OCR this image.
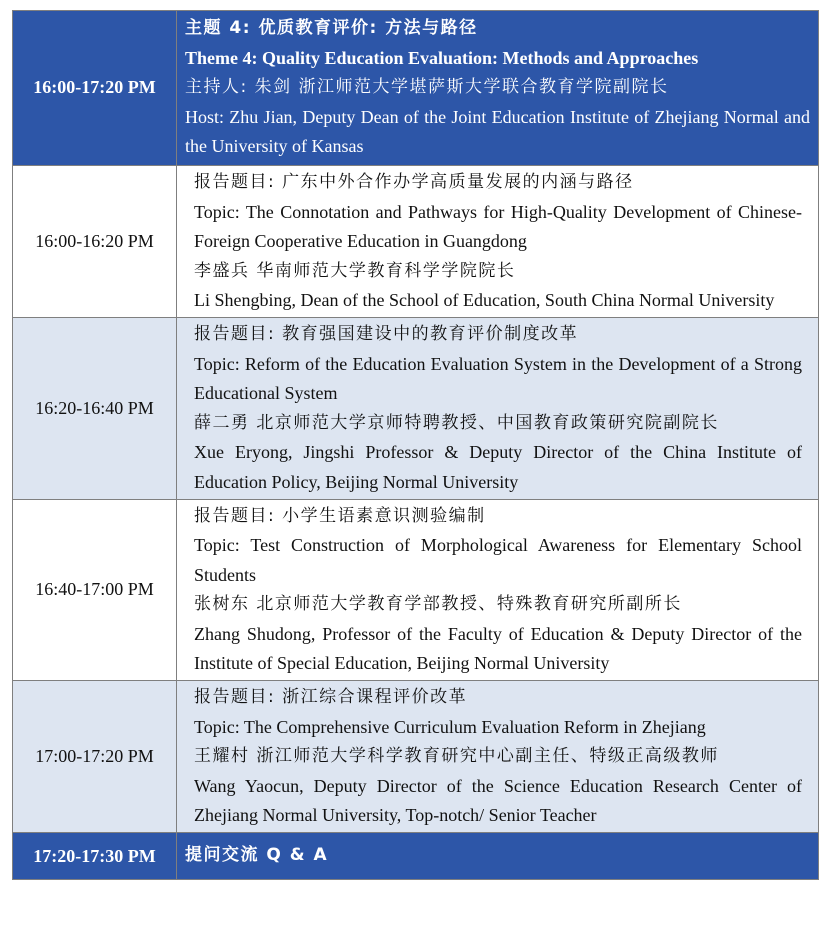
16:00-17:20 PM	主题 4: 优质教育评价: 方法与路径
Theme 4: Quality Education Evaluation: Methods and Approaches
主持人: 朱剑 浙江师范大学堪萨斯大学联合教育学院副院长
Host: Zhu Jian, Deputy Dean of the Joint Education Institute of Zhejiang Normal and the University of Kansas

16:00-16:20 PM	报告题目: 广东中外合作办学高质量发展的内涵与路径
Topic: The Connotation and Pathways for High-Quality Development of Chinese-Foreign Cooperative Education in Guangdong
李盛兵 华南师范大学教育科学学院院长
Li Shengbing, Dean of the School of Education, South China Normal University

16:20-16:40 PM	报告题目: 教育强国建设中的教育评价制度改革
Topic: Reform of the Education Evaluation System in the Development of a Strong Educational System
薛二勇 北京师范大学京师特聘教授、中国教育政策研究院副院长
Xue Eryong, Jingshi Professor & Deputy Director of the China Institute of Education Policy, Beijing Normal University

16:40-17:00 PM	报告题目: 小学生语素意识测验编制
Topic: Test Construction of Morphological Awareness for Elementary School Students
张树东 北京师范大学教育学部教授、特殊教育研究所副所长
Zhang Shudong, Professor of the Faculty of Education & Deputy Director of the Institute of Special Education, Beijing Normal University

17:00-17:20 PM	报告题目: 浙江综合课程评价改革
Topic: The Comprehensive Curriculum Evaluation Reform in Zhejiang
王耀村 浙江师范大学科学教育研究中心副主任、特级正高级教师
Wang Yaocun, Deputy Director of the Science Education Research Center of Zhejiang Normal University, Top-notch/ Senior Teacher

17:20-17:30 PM	提问交流 Q & A
